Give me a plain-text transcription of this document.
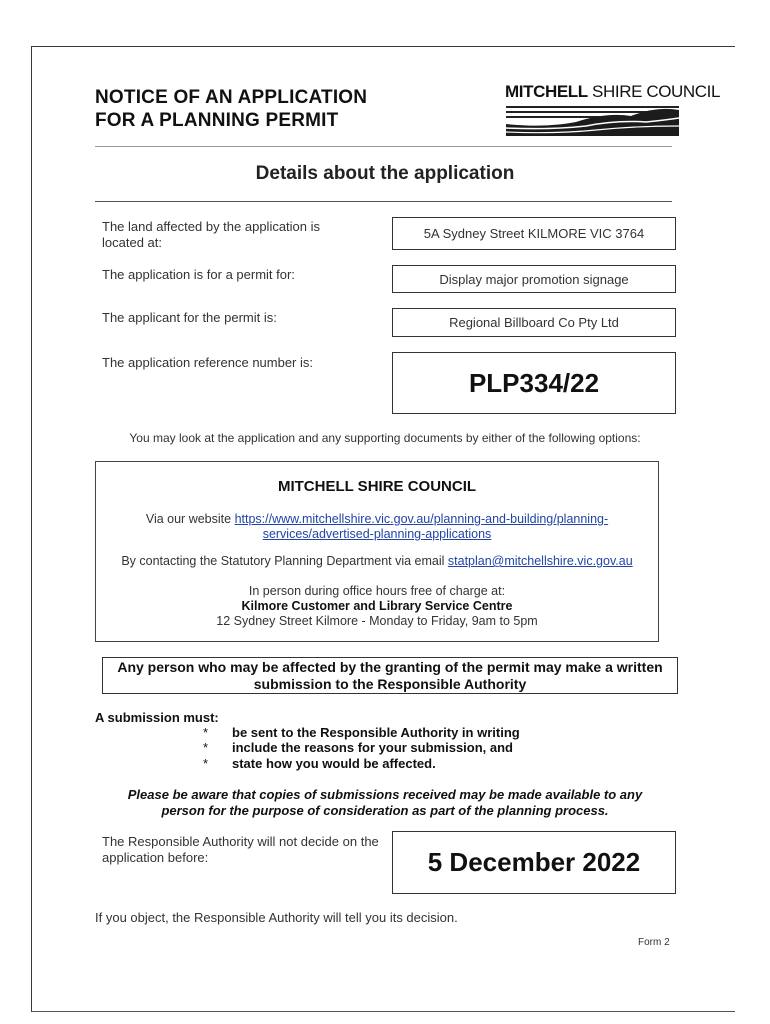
NOTICE OF AN APPLICATION
FOR A PLANNING PERMIT
MITCHELL SHIRE COUNCIL
Details about the application
The land affected by the application is located at:
5A Sydney Street KILMORE VIC 3764
The application is for a permit for:	Display major promotion signage
The applicant for the permit is:	Regional Billboard Co Pty Ltd
The application reference number is:
PLP334/22
You may look at the application and any supporting documents by either of the following options:
MITCHELL SHIRE COUNCIL
Via our website https://www.mitchellshire.vic.gov.au/planning-and-building/planning-
services/advertised-planning-applications
By contacting the Statutory Planning Department via email statplan@mitchellshire.vic.gov.au
In person during office hours free of charge at:
Kilmore Customer and Library Service Centre
12 Sydney Street Kilmore - Monday to Friday, 9am to 5pm
Any person who may be affected by the granting of the permit may make a written submission to the Responsible Authority
A submission must:
* be sent to the Responsible Authority in writing
* include the reasons for your submission, and
* state how you would be affected.
Please be aware that copies of submissions received may be made available to any
person for the purpose of consideration as part of the planning process.
The Responsible Authority will not decide on the application before:	5 December 2022
If you object, the Responsible Authority will tell you its decision.
Form 2
